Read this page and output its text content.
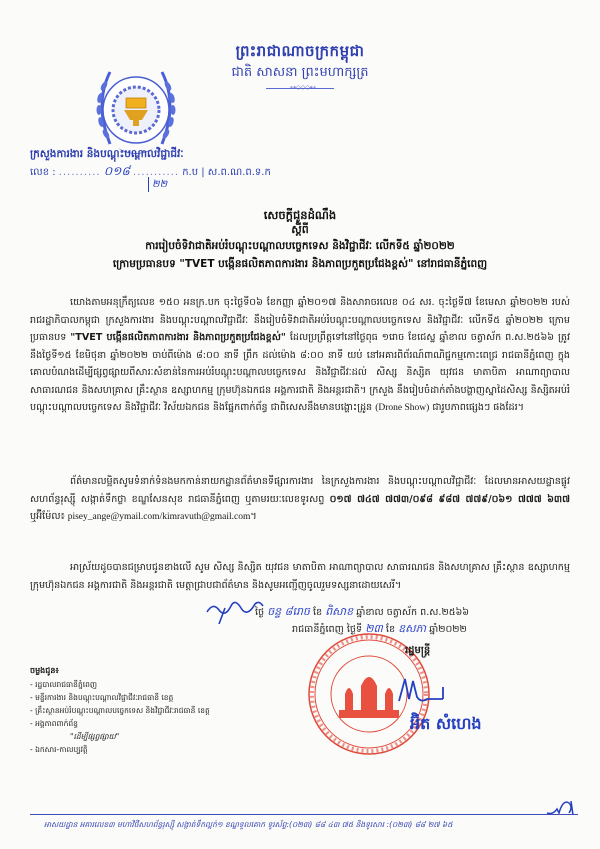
ព្រះរាជាណាចក្រកម្ពុជា
ជាតិ សាសនា ព្រះមហាក្សត្រ
⊶◇◇◇⊷
ក្រសួងការងារ និងបណ្តុះបណ្តាលវិជ្ជាជីវៈ
លេខ : .......... ០១៨ ........... ក.ប | ស.ព.ណ.ព.ទ.ក
២២
សេចក្តីជូនដំណឹង
ស្តីពី
ការរៀបចំទិវាជាតិអប់រំបណ្តុះបណ្តាលបច្ចេកទេស និងវិជ្ជាជីវៈ លើកទី៥ ឆ្នាំ២០២២
ក្រោមប្រធានបទ "TVET បង្កើនផលិតភាពការងារ និងភាពប្រកួតប្រជែងខ្ពស់" នៅរាជធានីភ្នំពេញ
យោងតាមអនុក្រឹត្យលេខ ១៥០ អនក្រ.បក ចុះថ្ងៃទី០៦ ខែកញ្ញា ឆ្នាំ២០១៧ និងសារាចរលេខ ០៤ សរ. ចុះថ្ងៃទី៧ ខែមេសា ឆ្នាំ២០២២ របស់រាជរដ្ឋាភិបាលកម្ពុជា ក្រសួងការងារ និងបណ្តុះបណ្តាលវិជ្ជាជីវៈ នឹងរៀបចំទិវាជាតិអប់រំបណ្តុះបណ្តាលបច្ចេកទេស និងវិជ្ជាជីវៈ លើកទី៥ ឆ្នាំ២០២២ ក្រោមប្រធានបទ "TVET បង្កើនផលិតភាពការងារ និងភាពប្រកួតប្រជែងខ្ពស់" ដែលប្រព្រឹត្តទៅនៅថ្ងៃពុធ ១រោច ខែជេស្ឋ ឆ្នាំខាល ចត្វាស័ក ព.ស.២៥៦៦ ត្រូវនឹងថ្ងៃទី១៥ ខែមិថុនា ឆ្នាំ២០២២ ចាប់ពីម៉ោង ៨:០០ នាទី ព្រឹក ដល់ម៉ោង ៨:០០ នាទី យប់ នៅអគារពិព័រណ៍ពាណិជ្ជកម្មកោះពេជ្រ រាជធានីភ្នំពេញ ក្នុងគោលបំណងដើម្បីផ្សព្វផ្សាយពីសារៈសំខាន់នៃការអប់រំបណ្តុះបណ្តាលបច្ចេកទេស និងវិជ្ជាជីវៈដល់ សិស្ស និស្សិត យុវជន មាតាបិតា អាណាព្យាបាល សាធារណជន និងសហគ្រាស គ្រឹះស្ថាន ឧស្សាហកម្ម ក្រុមហ៊ុនឯកជន អង្គការជាតិ និងអន្តរជាតិ។ ក្រសួង នឹងរៀបចំដាក់តាំងបង្ហាញស្នាដៃសិស្ស និស្សិតអប់រំបណ្តុះបណ្តាលបច្ចេកទេស និងវិជ្ជាជីវៈ វិស័យឯកជន និងផ្នែកពាក់ព័ន្ធ ជាពិសេសនឹងមានបង្ហោះដ្រូន (Drone Show) ជារូបភាពផ្សេងៗ ផងដែរ។
ព័ត៌មានលម្អិតសូមទំនាក់ទំនងមកកាន់នាយកដ្ឋានព័ត៌មានទីផ្សារការងារ នៃក្រសួងការងារ និងបណ្តុះបណ្តាលវិជ្ជាជីវៈ ដែលមានអាសយដ្ឋានផ្លូវសហព័ន្ធរុស្ស៊ី សង្កាត់ទឹកថ្លា ខណ្ឌសែនសុខ រាជធានីភ្នំពេញ ឬតាមរយៈលេខទូរសព្ទ ០១៧ ៧៤៧ ៧៧៣/០៩៨ ៩៨៧ ៧៧៩/០៦១ ៧៧៧ ៦៣៧ ឬអ៊ីម៉ែល៖ pisey_ange@ymail.com/kimravuth@gmail.com។
អាស្រ័យដូចបានជម្រាបជូនខាងលើ សូម សិស្ស និស្សិត យុវជន មាតាបិតា អាណាព្យាបាល សាធារណជន និងសហគ្រាស គ្រឹះស្ថាន ឧស្សាហកម្ម ក្រុមហ៊ុនឯកជន អង្គការជាតិ និងអន្តរជាតិ មេត្តាជ្រាបជាព័ត៌មាន និងសូមអញ្ជើញចូលរួមទស្សនាដោយសេរី។
ថ្ងៃ ចន្ទ ៨រោច ខែ ពិសាខ ឆ្នាំខាល ចត្វាស័ក ព.ស.២៥៦៦
រាជធានីភ្នំពេញ ថ្ងៃទី ២៣ ខែ ឧសភា ឆ្នាំ២០២២
រដ្ឋមន្ត្រី
អ៊ិត សំហេង
ចម្លងជូន៖
- រដ្ឋបាលរាជធានីភ្នំពេញ
- មន្ទីរការងារ និងបណ្តុះបណ្តាលវិជ្ជាជីវៈរាជធានី ខេត្ត
- គ្រឹះស្ថានអប់រំបណ្តុះបណ្តាលបច្ចេកទេស និងវិជ្ជាជីវៈរាជធានី ខេត្ត
- អង្គភាពពាក់ព័ន្ធ
"ដើម្បីផ្សព្វផ្សាយ"
- ឯកសារ-កាលប្បវត្តិ
អាសយដ្ឋាន អគារលេខ៣ មហាវិថីសហព័ន្ធរុស្ស៊ី សង្កាត់ទឹកល្អក់១ ខណ្ឌទួលគោក ទូរស័ព្ទ:(០២៣) ៨៨ ៤៣ ៧៥ និងទូរសារ :(០២៣) ៨៨ ២៧ ៦៥
